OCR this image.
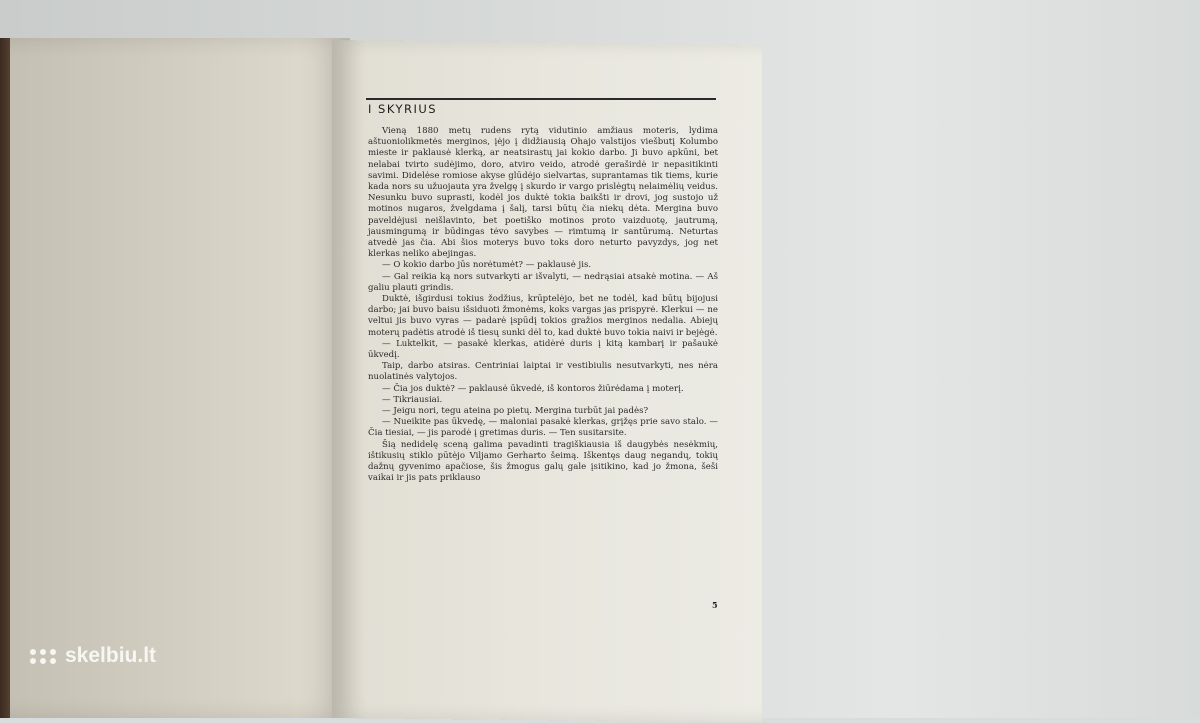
I SKYRIUS

Vieną 1880 metų rudens rytą vidutinio amžiaus moteris, lydima aštuoniolikmetės merginos, įėjo į didžiausią Ohajo valstijos viešbutį Kolumbo mieste ir paklausė klerką, ar neatsirastų jai kokio darbo. Ji buvo apkūni, bet nelabai tvirto sudėjimo, doro, atviro veido, atrodė geraširdė ir nepasitikinti savimi. Didelėse romiose akyse glūdėjo sielvartas, suprantamas tik tiems, kurie kada nors su užuojauta yra žvelgę į skurdo ir vargo prislėgtų nelaimėlių veidus. Nesunku buvo suprasti, kodėl jos duktė tokia baikšti ir drovi, jog sustojo už motinos nugaros, žvelgdama į šalį, tarsi būtų čia niekų dėta. Mergina buvo paveldėjusi neišlavinto, bet poetiško motinos proto vaizduotę, jautrumą, jausmingumą ir būdingas tėvo savybes — rimtumą ir santūrumą. Neturtas atvedė jas čia. Abi šios moterys buvo toks doro neturto pavyzdys, jog net klerkas neliko abejingas.

— O kokio darbo jūs norėtumėt? — paklausė jis.

— Gal reikia ką nors sutvarkyti ar išvalyti, — nedrąsiai atsakė motina. — Aš galiu plauti grindis.

Duktė, išgirdusi tokius žodžius, krūptelėjo, bet ne todėl, kad būtų bijojusi darbo; jai buvo baisu išsiduoti žmonėms, koks vargas jas prispyrė. Klerkui — ne veltui jis buvo vyras — padarė įspūdį tokios gražios merginos nedalia. Abiejų moterų padėtis atrodė iš tiesų sunki dėl to, kad duktė buvo tokia naivi ir bejėgė.

— Luktelkit, — pasakė klerkas, atidėrė duris į kitą kambarį ir pašaukė ūkvedį.

Taip, darbo atsiras. Centriniai laiptai ir vestibiulis nesutvarkyti, nes nėra nuolatinės valytojos.

— Čia jos duktė? — paklausė ūkvedė, iš kontoros žiūrėdama į moterį.

— Tikriausiai.

— Jeigu nori, tegu ateina po pietų. Mergina turbūt jai padės?

— Nueikite pas ūkvedę, — maloniai pasakė klerkas, grįžęs prie savo stalo. — Čia tiesiai, — jis parodė į gretimas duris. — Ten susitarsite.

Šią nedidelę sceną galima pavadinti tragiškiausia iš daugybės nesėkmių, ištikusių stiklo pūtėjo Viljamo Gerharto šeimą. Iškentęs daug negandų, tokių dažnų gyvenimo apačiose, šis žmogus galų gale įsitikino, kad jo žmona, šeši vaikai ir jis pats priklauso

5
skelbiu.lt
